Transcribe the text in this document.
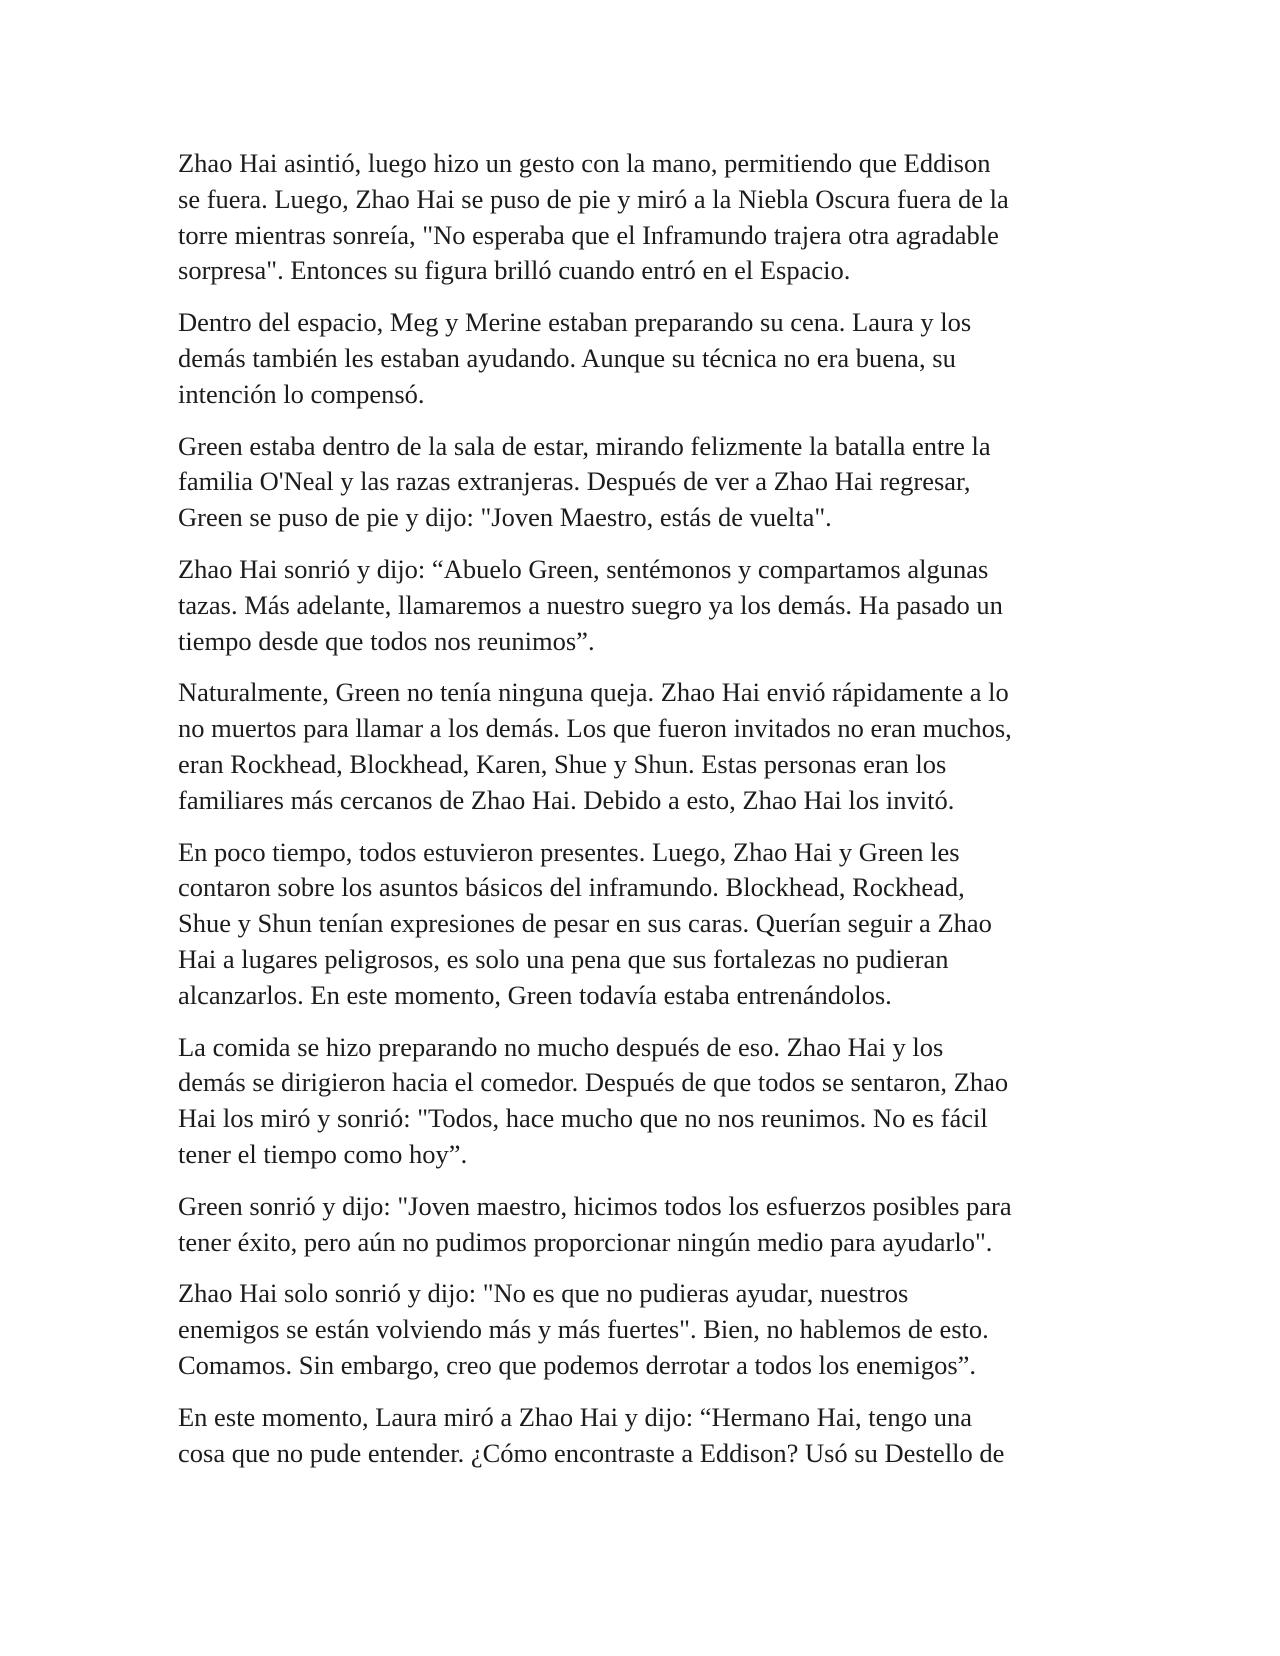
Zhao Hai asintió, luego hizo un gesto con la mano, permitiendo que Eddison
se fuera. Luego, Zhao Hai se puso de pie y miró a la Niebla Oscura fuera de la
torre mientras sonreía, "No esperaba que el Inframundo trajera otra agradable
sorpresa". Entonces su figura brilló cuando entró en el Espacio.

Dentro del espacio, Meg y Merine estaban preparando su cena. Laura y los
demás también les estaban ayudando. Aunque su técnica no era buena, su
intención lo compensó.

Green estaba dentro de la sala de estar, mirando felizmente la batalla entre la
familia O'Neal y las razas extranjeras. Después de ver a Zhao Hai regresar,
Green se puso de pie y dijo: "Joven Maestro, estás de vuelta".

Zhao Hai sonrió y dijo: “Abuelo Green, sentémonos y compartamos algunas
tazas. Más adelante, llamaremos a nuestro suegro ya los demás. Ha pasado un
tiempo desde que todos nos reunimos”.

Naturalmente, Green no tenía ninguna queja. Zhao Hai envió rápidamente a lo
no muertos para llamar a los demás. Los que fueron invitados no eran muchos,
eran Rockhead, Blockhead, Karen, Shue y Shun. Estas personas eran los
familiares más cercanos de Zhao Hai. Debido a esto, Zhao Hai los invitó.

En poco tiempo, todos estuvieron presentes. Luego, Zhao Hai y Green les
contaron sobre los asuntos básicos del inframundo. Blockhead, Rockhead,
Shue y Shun tenían expresiones de pesar en sus caras. Querían seguir a Zhao
Hai a lugares peligrosos, es solo una pena que sus fortalezas no pudieran
alcanzarlos. En este momento, Green todavía estaba entrenándolos.

La comida se hizo preparando no mucho después de eso. Zhao Hai y los
demás se dirigieron hacia el comedor. Después de que todos se sentaron, Zhao
Hai los miró y sonrió: "Todos, hace mucho que no nos reunimos. No es fácil
tener el tiempo como hoy”.

Green sonrió y dijo: "Joven maestro, hicimos todos los esfuerzos posibles para
tener éxito, pero aún no pudimos proporcionar ningún medio para ayudarlo".

Zhao Hai solo sonrió y dijo: "No es que no pudieras ayudar, nuestros
enemigos se están volviendo más y más fuertes". Bien, no hablemos de esto.
Comamos. Sin embargo, creo que podemos derrotar a todos los enemigos”.

En este momento, Laura miró a Zhao Hai y dijo: “Hermano Hai, tengo una
cosa que no pude entender. ¿Cómo encontraste a Eddison? Usó su Destello de
